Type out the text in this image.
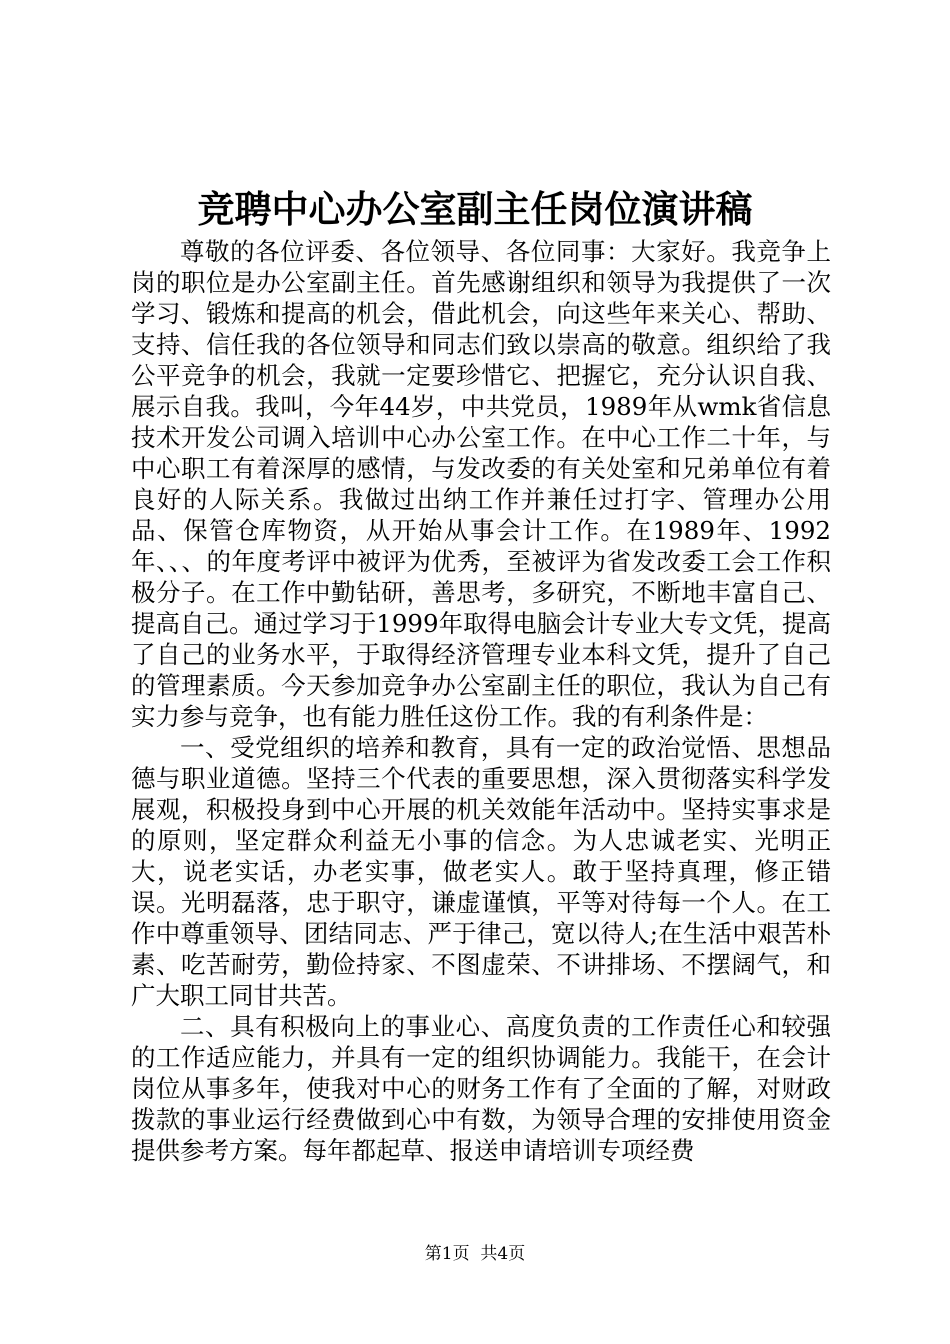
竞聘中心办公室副主任岗位演讲稿

尊敬的各位评委、各位领导、各位同事：大家好。我竞争上岗的职位是办公室副主任。首先感谢组织和领导为我提供了一次学习、锻炼和提高的机会，借此机会，向这些年来关心、帮助、支持、信任我的各位领导和同志们致以崇高的敬意。组织给了我公平竞争的机会，我就一定要珍惜它、把握它，充分认识自我、展示自我。我叫，今年44岁，中共党员，1989年从wmk省信息技术开发公司调入培训中心办公室工作。在中心工作二十年，与中心职工有着深厚的感情，与发改委的有关处室和兄弟单位有着良好的人际关系。我做过出纳工作并兼任过打字、管理办公用品、保管仓库物资，从开始从事会计工作。在1989年、1992年、、、的年度考评中被评为优秀，至被评为省发改委工会工作积极分子。在工作中勤钻研，善思考，多研究，不断地丰富自己、提高自己。通过学习于1999年取得电脑会计专业大专文凭，提高了自己的业务水平，于取得经济管理专业本科文凭，提升了自己的管理素质。今天参加竞争办公室副主任的职位，我认为自己有实力参与竞争，也有能力胜任这份工作。我的有利条件是：

一、受党组织的培养和教育，具有一定的政治觉悟、思想品德与职业道德。坚持三个代表的重要思想，深入贯彻落实科学发展观，积极投身到中心开展的机关效能年活动中。坚持实事求是的原则，坚定群众利益无小事的信念。为人忠诚老实、光明正大，说老实话，办老实事，做老实人。敢于坚持真理，修正错误。光明磊落，忠于职守，谦虚谨慎，平等对待每一个人。在工作中尊重领导、团结同志、严于律己，宽以待人;在生活中艰苦朴素、吃苦耐劳，勤俭持家、不图虚荣、不讲排场、不摆阔气，和广大职工同甘共苦。

二、具有积极向上的事业心、高度负责的工作责任心和较强的工作适应能力，并具有一定的组织协调能力。我能干，在会计岗位从事多年，使我对中心的财务工作有了全面的了解，对财政拨款的事业运行经费做到心中有数，为领导合理的安排使用资金提供参考方案。每年都起草、报送申请培训专项经费

第1页  共4页
